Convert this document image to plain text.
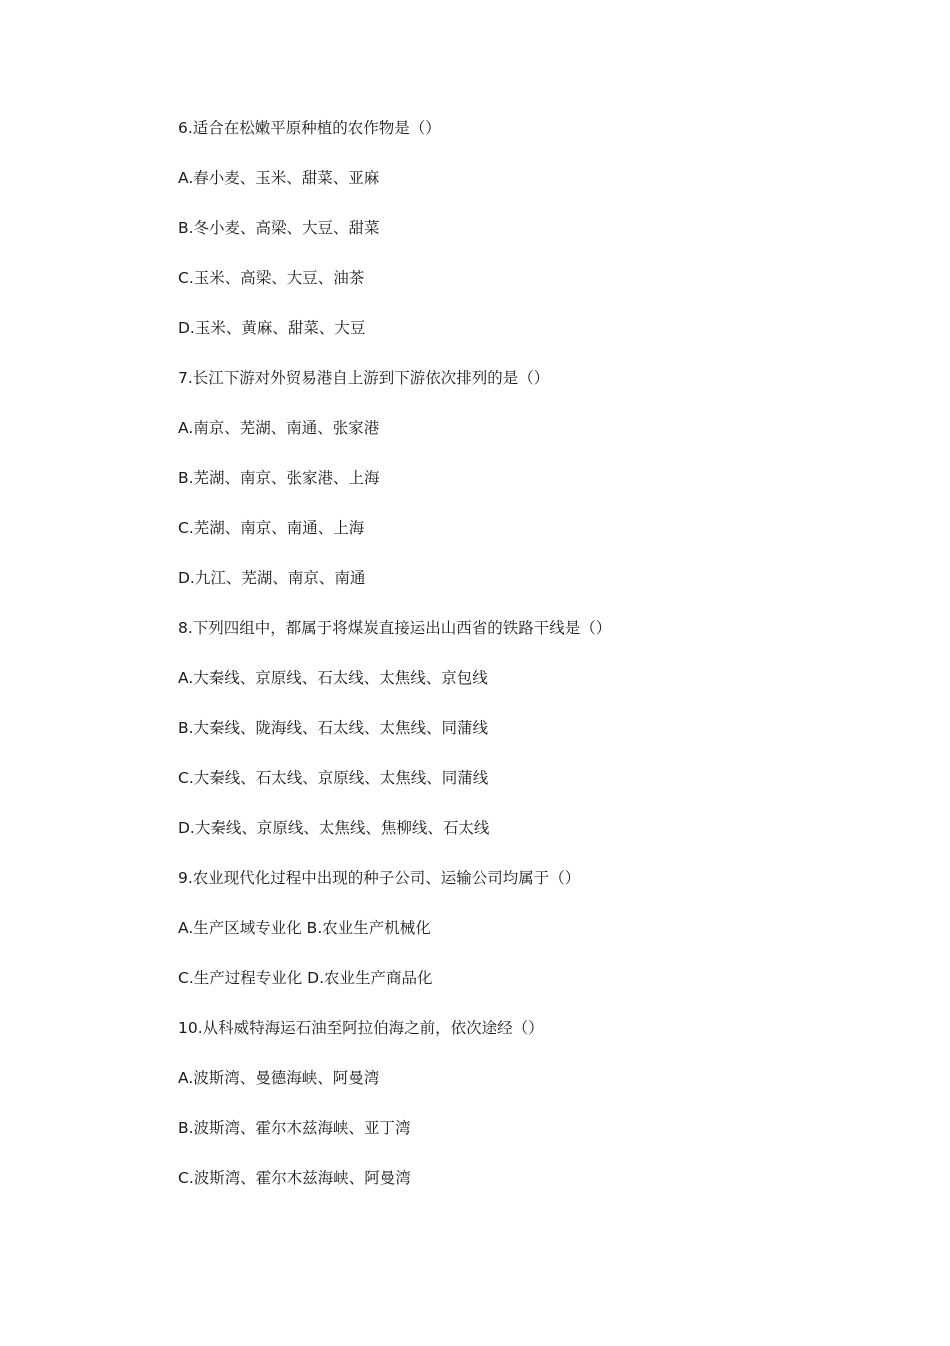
6.适合在松嫩平原种植的农作物是（）
A.春小麦、玉米、甜菜、亚麻
B.冬小麦、高梁、大豆、甜菜
C.玉米、高梁、大豆、油茶
D.玉米、黄麻、甜菜、大豆
7.长江下游对外贸易港自上游到下游依次排列的是（）
A.南京、芜湖、南通、张家港
B.芜湖、南京、张家港、上海
C.芜湖、南京、南通、上海
D.九江、芜湖、南京、南通
8.下列四组中，都属于将煤炭直接运出山西省的铁路干线是（）
A.大秦线、京原线、石太线、太焦线、京包线
B.大秦线、陇海线、石太线、太焦线、同蒲线
C.大秦线、石太线、京原线、太焦线、同蒲线
D.大秦线、京原线、太焦线、焦柳线、石太线
9.农业现代化过程中出现的种子公司、运输公司均属于（）
A.生产区域专业化 B.农业生产机械化
C.生产过程专业化 D.农业生产商品化
10.从科威特海运石油至阿拉伯海之前，依次途经（）
A.波斯湾、曼德海峡、阿曼湾
B.波斯湾、霍尔木兹海峡、亚丁湾
C.波斯湾、霍尔木兹海峡、阿曼湾
